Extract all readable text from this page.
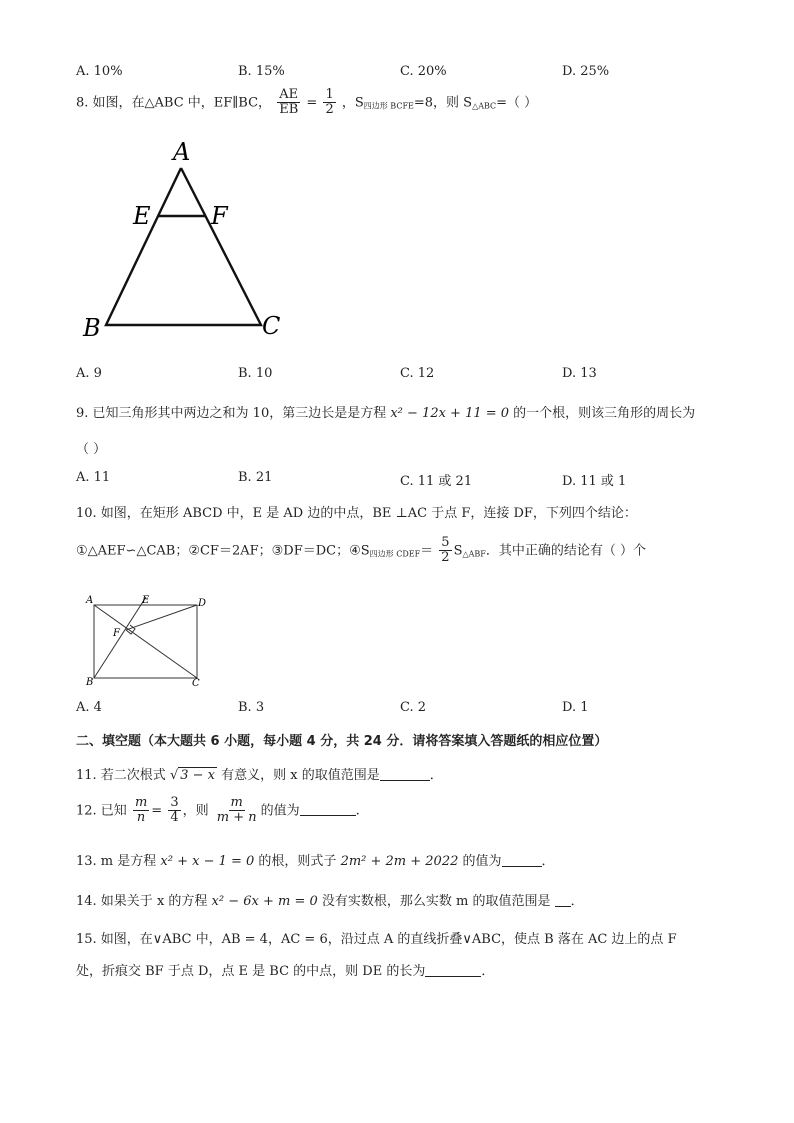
A. 10%	B. 15%	C. 20%	D. 25%
8. 如图，在△ABC 中，EF∥BC， $\frac{AE}{EB} = \frac{1}{2}$ ，$S_{四边形 BCFE}=8$，则 $S_{\triangle ABC}=$（ ）
A
E	F
B	C
A. 9	B. 10	C. 12	D. 13
9. 已知三角形其中两边之和为 10，第三边长是是方程 x² − 12x + 11 = 0 的一个根，则该三角形的周长为
（ ）
A. 11	B. 21	C. 11 或 21	D. 11 或 1
10. 如图，在矩形 ABCD 中，E 是 AD 边的中点，BE ⊥AC 于点 F，连接 DF，下列四个结论：
①△AEF∽△CAB；②CF＝2AF；③DF＝DC；$④S_{四边形 CDEF}= \frac{5}{2} S_{\triangle ABF}$．其中正确的结论有（ ）个
A	E	D
F
B	C
A. 4	B. 3	C. 2	D. 1
二、填空题（本大题共 6 小题，每小题 4 分，共 24 分．请将答案填入答题纸的相应位置）
11. 若二次根式 √ 3 − x 有意义，则 x 的取值范围是	．
12. 已知 $\frac{m}{n} = \frac{3}{4}$ ，则 $\frac{m}{m + n}$ 的值为	.
13. m 是方程 x² + x − 1 = 0 的根，则式子 2m² + 2m + 2022 的值为	．
14. 如果关于 x 的方程 x² − 6x + m = 0 没有实数根，那么实数 m 的取值范围是 ．
15. 如图，在∨ABC 中，AB = 4，AC = 6，沿过点 A 的直线折叠∨ABC，使点 B 落在 AC 边上的点 F
处，折痕交 BF 于点 D，点 E 是 BC 的中点，则 DE 的长为	．
